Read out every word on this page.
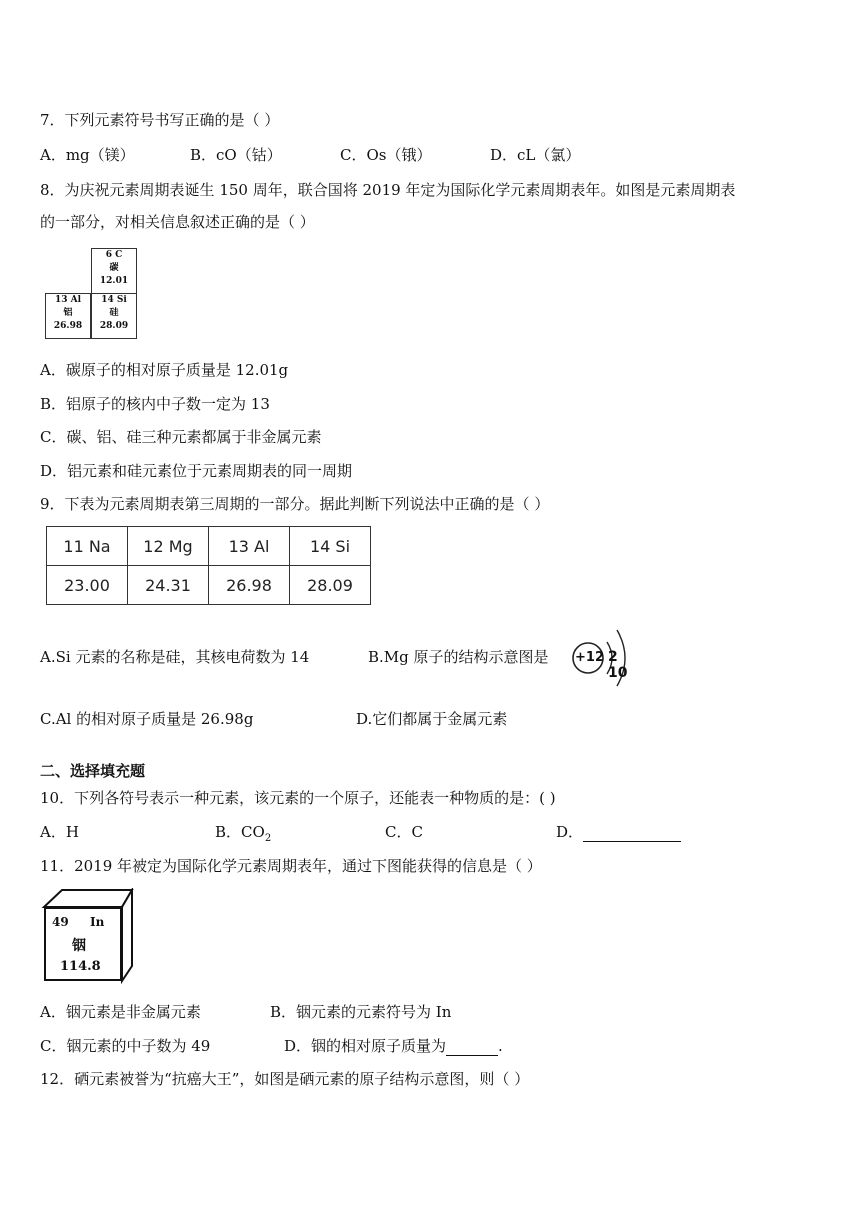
7．下列元素符号书写正确的是（ ）
A．mg（镁）	B．cO（钴）	C．Os（锇）	D．cL（氯）
8．为庆祝元素周期表诞生 150 周年，联合国将 2019 年定为国际化学元素周期表年。如图是元素周期表
的一部分，对相关信息叙述正确的是（ ）
6 C
碳
12.01
13 Al
铝
26.98
14 Si
硅
28.09
A．碳原子的相对原子质量是 12.01g
B．铝原子的核内中子数一定为 13
C．碳、铝、硅三种元素都属于非金属元素
D．铝元素和硅元素位于元素周期表的同一周期
9．下表为元素周期表第三周期的一部分。据此判断下列说法中正确的是（ ）
11 Na	12 Mg	13 Al	14 Si
23.00	24.31	26.98	28.09
A.Si 元素的名称是硅，其核电荷数为 14	B.Mg 原子的结构示意图是 +12 2 10
C.Al 的相对原子质量是 26.98g	D.它们都属于金属元素
二、选择填充题
10．下列各符号表示一种元素，该元素的一个原子，还能表一种物质的是：( )
A．H	B．$CO_2$	C．C	D．
11．2019 年被定为国际化学元素周期表年，通过下图能获得的信息是（ ）
49 In
铟
114.8
A．铟元素是非金属元素	B．铟元素的元素符号为 In
C．铟元素的中子数为 49	D．铟的相对原子质量为	.
12．硒元素被誉为“抗癌大王”，如图是硒元素的原子结构示意图，则（ ）
